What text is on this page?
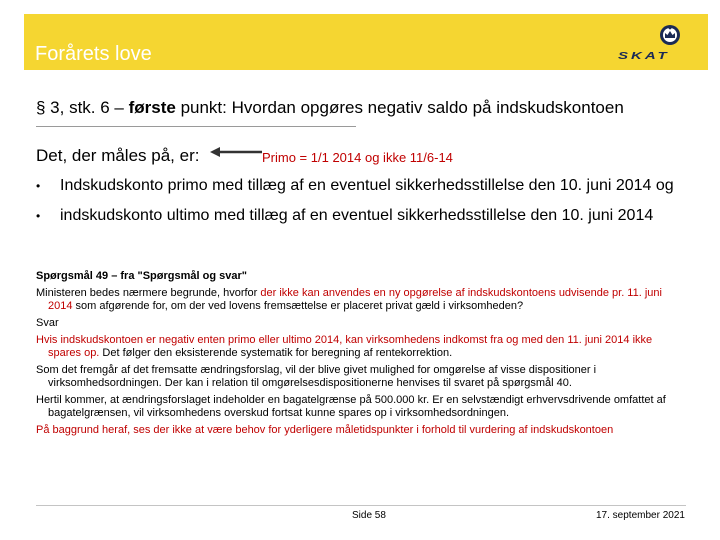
Forårets love	SKAT
§ 3, stk. 6 – første punkt: Hvordan opgøres negativ saldo på indskudskontoen
Det, der måles på, er:	Primo = 1/1 2014 og ikke 11/6-14
• Indskudskonto primo med tillæg af en eventuel sikkerhedsstillelse den 10. juni 2014 og
• indskudskonto ultimo med tillæg af en eventuel sikkerhedsstillelse den 10. juni 2014

Spørgsmål 49 – fra "Spørgsmål og svar"

Ministeren bedes nærmere begrunde, hvorfor der ikke kan anvendes en ny opgørelse af indskudskontoens udvisende pr. 11. juni 2014 som afgørende for, om der ved lovens fremsættelse er placeret privat gæld i virksomheden?

Svar

Hvis indskudskontoen er negativ enten primo eller ultimo 2014, kan virksomhedens indkomst fra og med den 11. juni 2014 ikke spares op. Det følger den eksisterende systematik for beregning af rentekorrektion.

Som det fremgår af det fremsatte ændringsforslag, vil der blive givet mulighed for omgørelse af visse dispositioner i virksomhedsordningen. Der kan i relation til omgørelsesdispositionerne henvises til svaret på spørgsmål 40.

Hertil kommer, at ændringsforslaget indeholder en bagatelgrænse på 500.000 kr. Er en selvstændigt erhvervsdrivende omfattet af bagatelgrænsen, vil virksomhedens overskud fortsat kunne spares op i virksomhedsordningen.

På baggrund heraf, ses der ikke at være behov for yderligere måletidspunkter i forhold til vurdering af indskudskontoen

Side 58	17. september 2021
